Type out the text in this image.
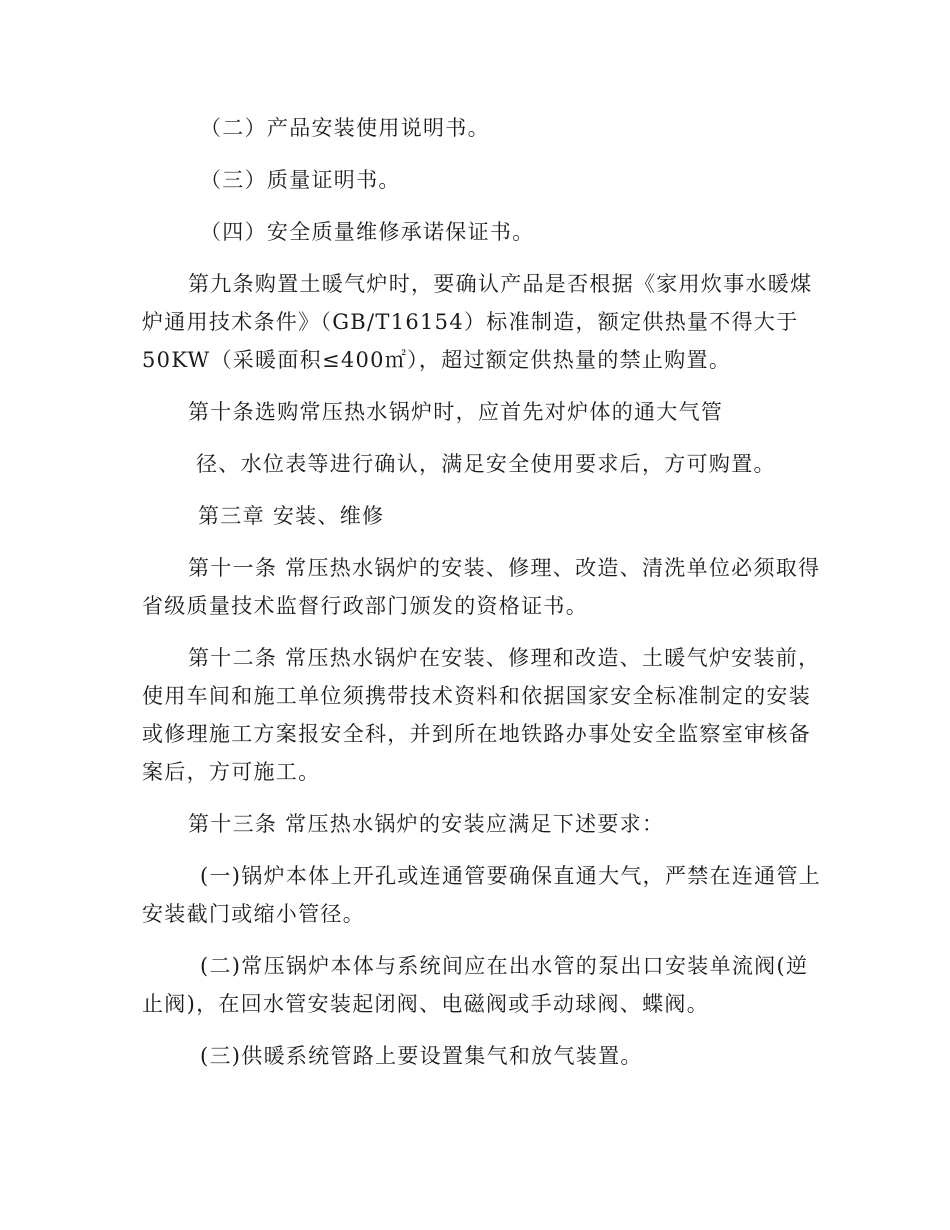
（二）产品安装使用说明书。
（三）质量证明书。
（四）安全质量维修承诺保证书。
第九条购置土暖气炉时，要确认产品是否根据《家用炊事水暖煤
炉通用技术条件》（GB/T16154）标准制造，额定供热量不得大于
50KW（采暖面积≤400㎡），超过额定供热量的禁止购置。
第十条选购常压热水锅炉时，应首先对炉体的通大气管
径、水位表等进行确认，满足安全使用要求后，方可购置。
第三章 安装、维修
第十一条 常压热水锅炉的安装、修理、改造、清洗单位必须取得
省级质量技术监督行政部门颁发的资格证书。
第十二条 常压热水锅炉在安装、修理和改造、土暖气炉安装前，
使用车间和施工单位须携带技术资料和依据国家安全标准制定的安装
或修理施工方案报安全科，并到所在地铁路办事处安全监察室审核备
案后，方可施工。
第十三条 常压热水锅炉的安装应满足下述要求：
(一)锅炉本体上开孔或连通管要确保直通大气，严禁在连通管上
安装截门或缩小管径。
(二)常压锅炉本体与系统间应在出水管的泵出口安装单流阀(逆
止阀)，在回水管安装起闭阀、电磁阀或手动球阀、蝶阀。
(三)供暖系统管路上要设置集气和放气装置。
